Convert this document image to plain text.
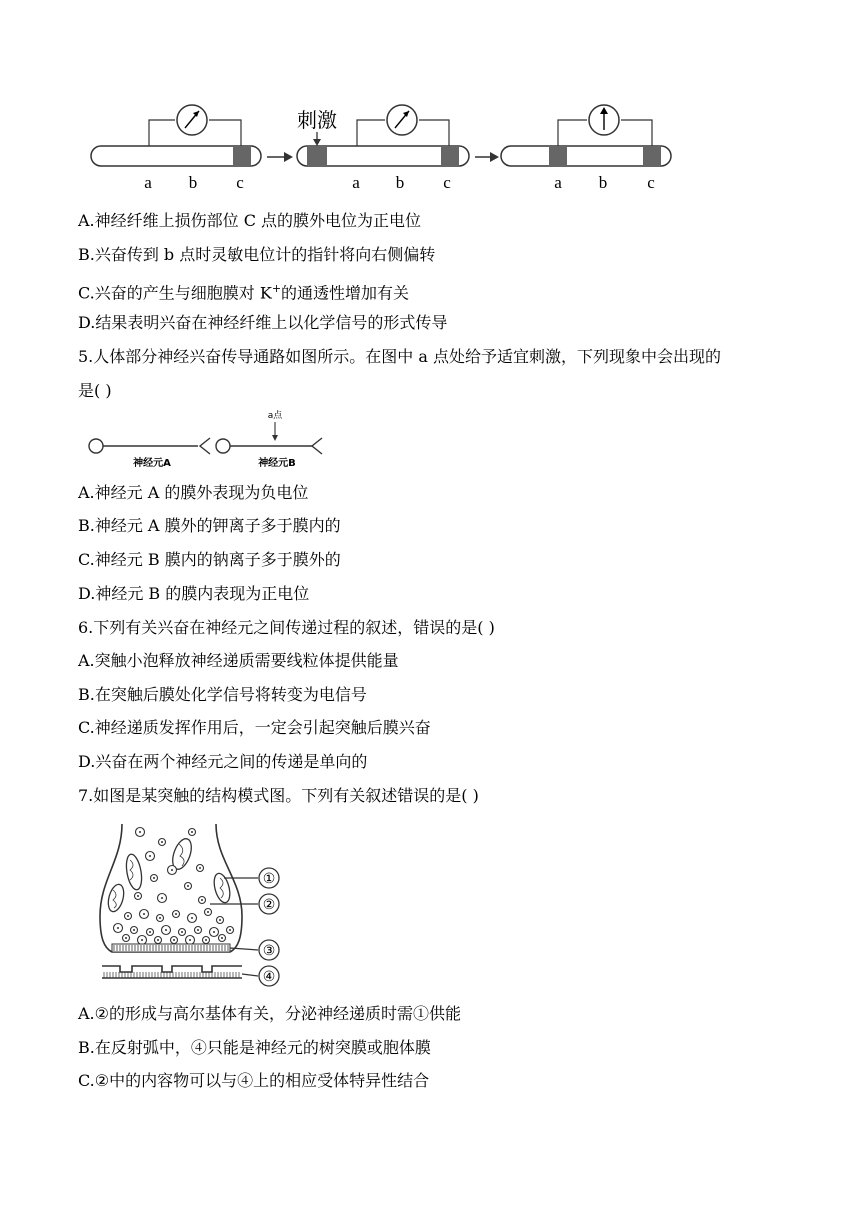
a b c
刺激
a b c	a b c
A.神经纤维上损伤部位 C 点的膜外电位为正电位
B.兴奋传到 b 点时灵敏电位计的指针将向右侧偏转
C.兴奋的产生与细胞膜对 K+的通透性增加有关
D.结果表明兴奋在神经纤维上以化学信号的形式传导
5.人体部分神经兴奋传导通路如图所示。在图中 a 点处给予适宜刺激，下列现象中会出现的
是( )
a点
神经元A	神经元B
A.神经元 A 的膜外表现为负电位
B.神经元 A 膜外的钾离子多于膜内的
C.神经元 B 膜内的钠离子多于膜外的
D.神经元 B 的膜内表现为正电位
6.下列有关兴奋在神经元之间传递过程的叙述，错误的是( )
A.突触小泡释放神经递质需要线粒体提供能量
B.在突触后膜处化学信号将转变为电信号
C.神经递质发挥作用后，一定会引起突触后膜兴奋
D.兴奋在两个神经元之间的传递是单向的
7.如图是某突触的结构模式图。下列有关叙述错误的是( )
①
②
③
④
A.②的形成与高尔基体有关，分泌神经递质时需①供能
B.在反射弧中，④只能是神经元的树突膜或胞体膜
C.②中的内容物可以与④上的相应受体特异性结合
